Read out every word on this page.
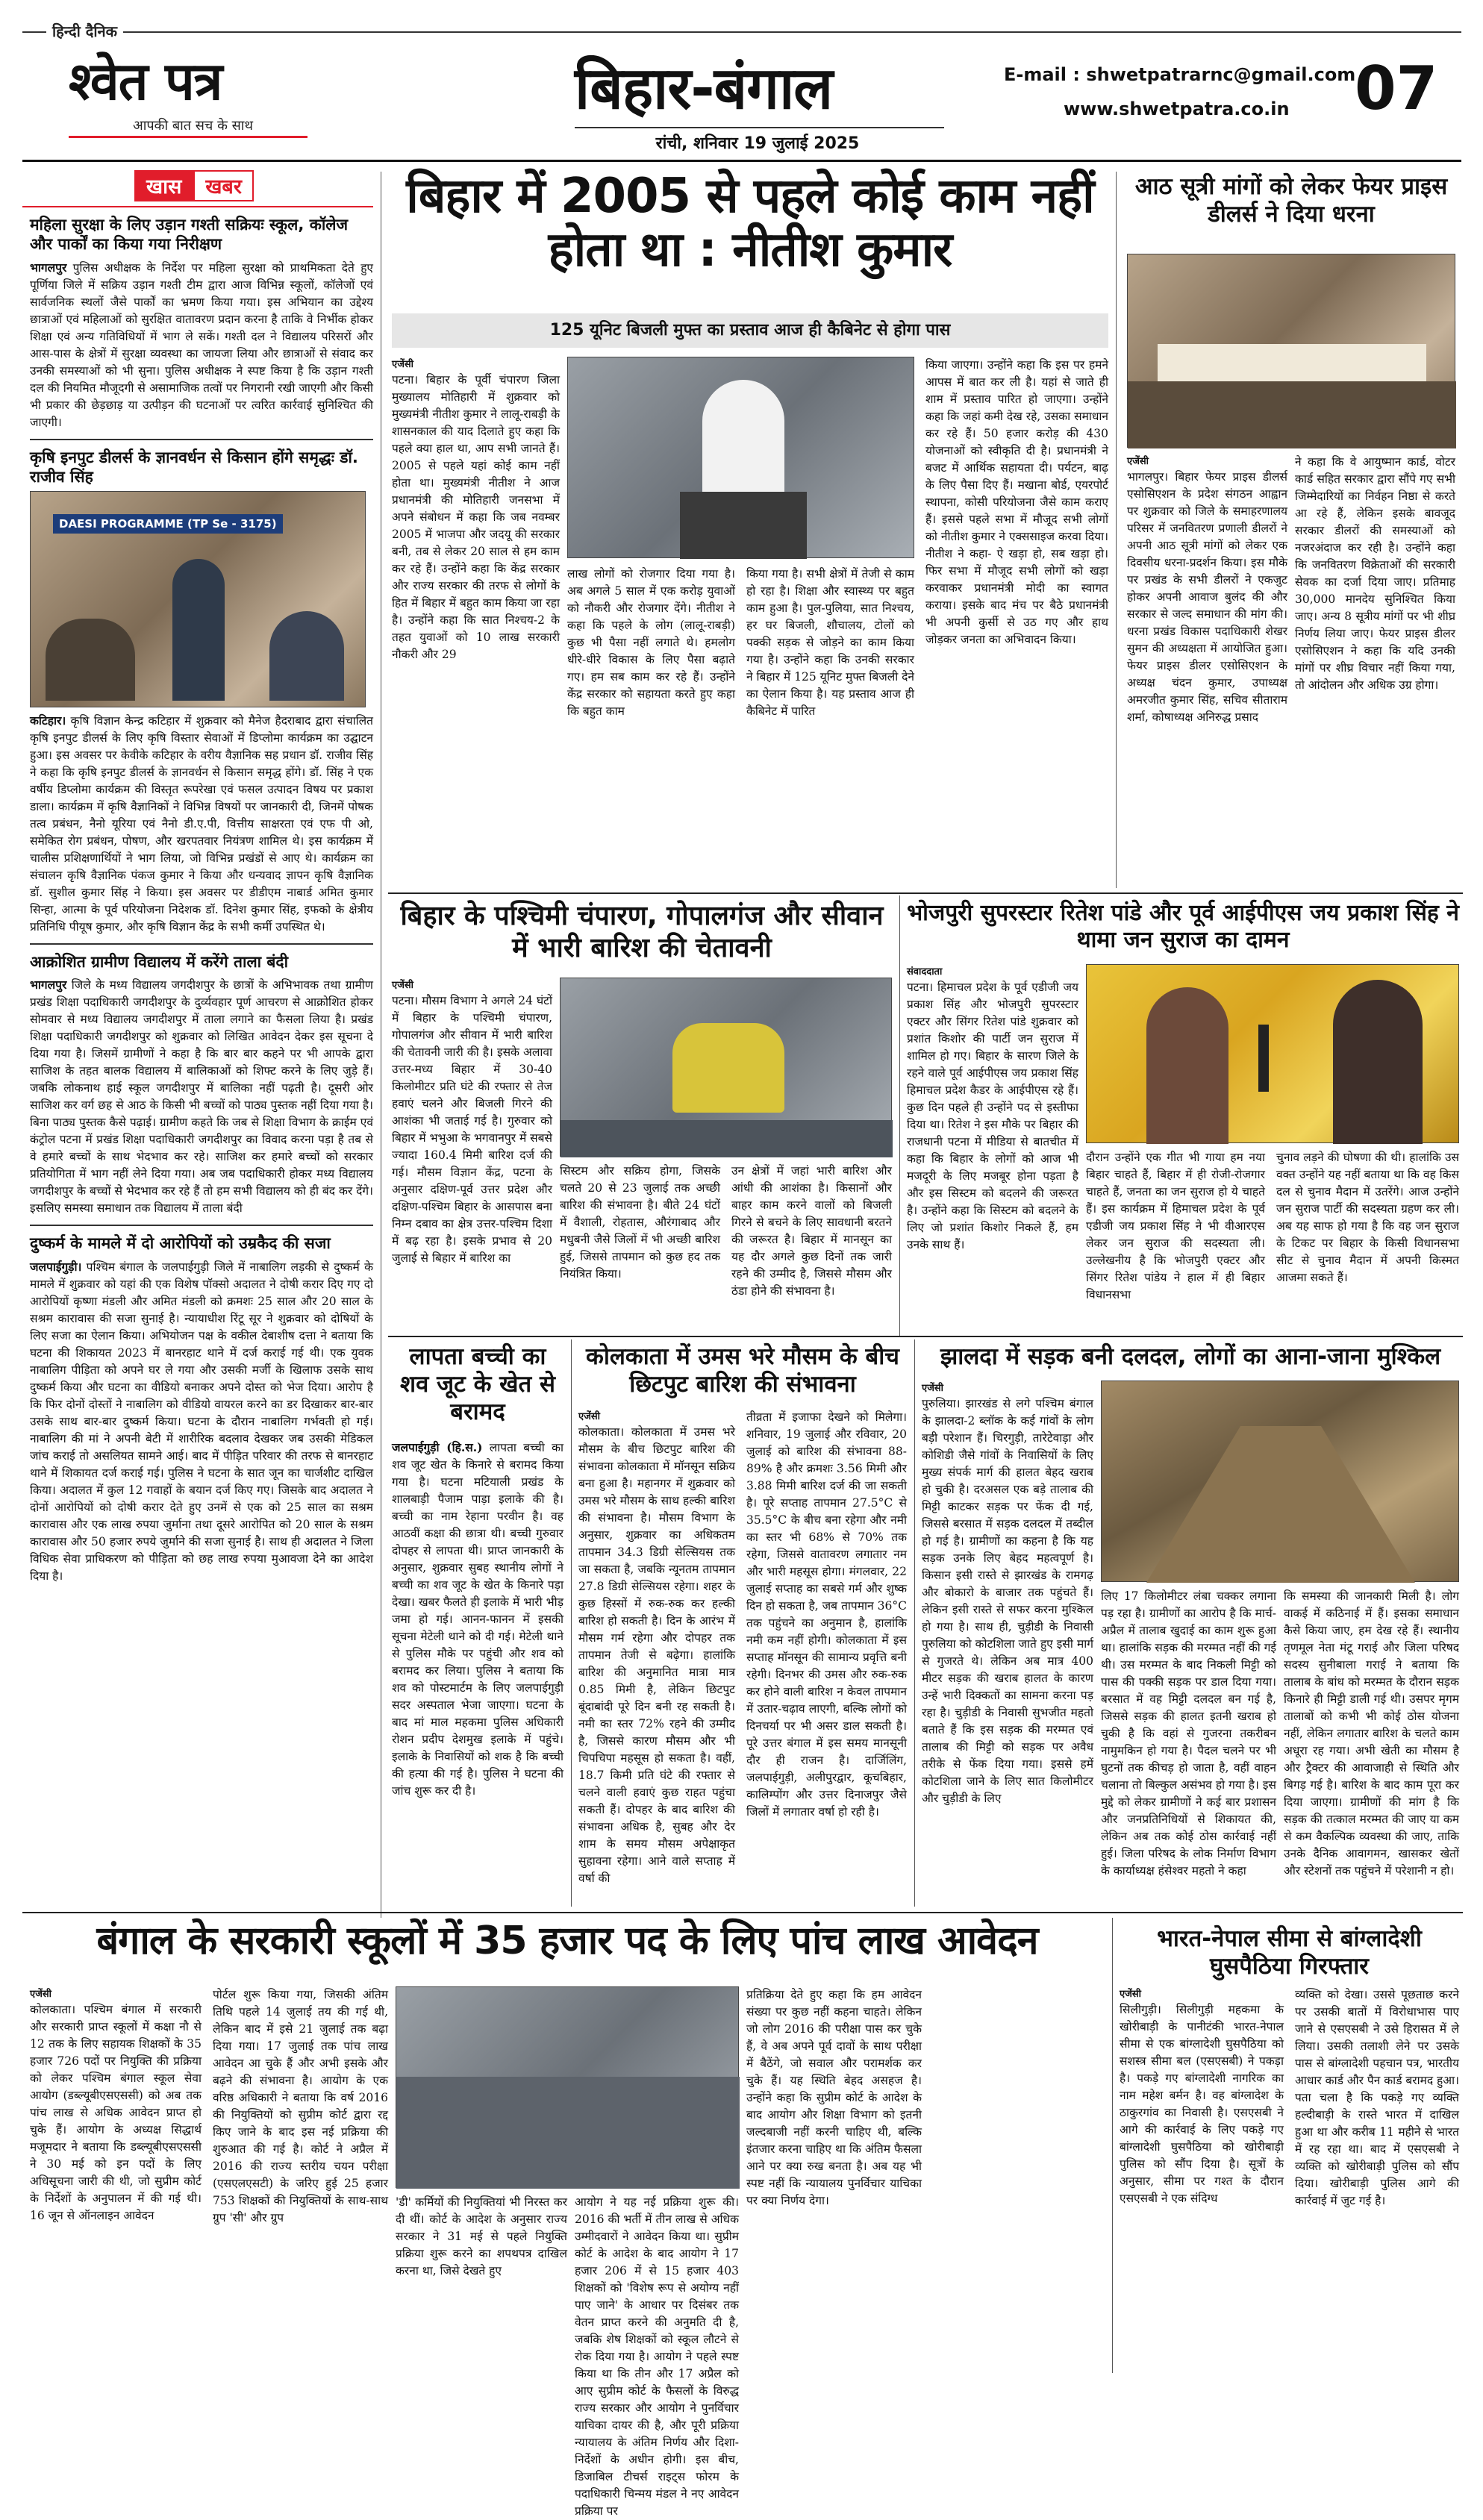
हिन्दी दैनिक
श्वेत पत्र
आपकी बात सच के साथ
बिहार-बंगाल
रांची, शनिवार 19 जुलाई 2025
E-mail : shwetpatrarnc@gmail.com
www.shwetpatra.co.in 07
खास	खबर
महिला सुरक्षा के लिए उड़ान गश्ती सक्रियः स्कूल, कॉलेज और पार्कों का किया गया निरीक्षण
भागलपुर पुलिस अधीक्षक के निर्देश पर महिला सुरक्षा को प्राथमिकता देते हुए पूर्णिया जिले में सक्रिय उड़ान गश्ती टीम द्वारा आज विभिन्न स्कूलों, कॉलेजों एवं सार्वजनिक स्थलों जैसे पार्कों का भ्रमण किया गया। इस अभियान का उद्देश्य छात्राओं एवं महिलाओं को सुरक्षित वातावरण प्रदान करना है ताकि वे निर्भीक होकर शिक्षा एवं अन्य गतिविधियों में भाग ले सकें। गश्ती दल ने विद्यालय परिसरों और आस-पास के क्षेत्रों में सुरक्षा व्यवस्था का जायजा लिया और छात्राओं से संवाद कर उनकी समस्याओं को भी सुना। पुलिस अधीक्षक ने स्पष्ट किया है कि उड़ान गश्ती दल की नियमित मौजूदगी से असामाजिक तत्वों पर निगरानी रखी जाएगी और किसी भी प्रकार की छेड़छाड़ या उत्पीड़न की घटनाओं पर त्वरित कार्रवाई सुनिश्चित की जाएगी।
कृषि इनपुट डीलर्स के ज्ञानवर्धन से किसान होंगे समृद्धः डॉ. राजीव सिंह
DAESI PROGRAMME (TP Se - 3175)
कटिहार। कृषि विज्ञान केन्द्र कटिहार में शुक्रवार को मैनेज हैदराबाद द्वारा संचालित कृषि इनपुट डीलर्स के लिए कृषि विस्तार सेवाओं में डिप्लोमा कार्यक्रम का उद्घाटन हुआ। इस अवसर पर केवीके कटिहार के वरीय वैज्ञानिक सह प्रधान डॉ. राजीव सिंह ने कहा कि कृषि इनपुट डीलर्स के ज्ञानवर्धन से किसान समृद्ध होंगे। डॉ. सिंह ने एक वर्षीय डिप्लोमा कार्यक्रम की विस्तृत रूपरेखा एवं फसल उत्पादन विषय पर प्रकाश डाला। कार्यक्रम में कृषि वैज्ञानिकों ने विभिन्न विषयों पर जानकारी दी, जिनमें पोषक तत्व प्रबंधन, नैनो यूरिया एवं नैनो डी.ए.पी, वित्तीय साक्षरता एवं एफ पी ओ, समेकित रोग प्रबंधन, पोषण, और खरपतवार नियंत्रण शामिल थे। इस कार्यक्रम में चालीस प्रशिक्षणार्थियों ने भाग लिया, जो विभिन्न प्रखंडों से आए थे। कार्यक्रम का संचालन कृषि वैज्ञानिक पंकज कुमार ने किया और धन्यवाद ज्ञापन कृषि वैज्ञानिक डॉ. सुशील कुमार सिंह ने किया। इस अवसर पर डीडीएम नाबार्ड अमित कुमार सिन्हा, आत्मा के पूर्व परियोजना निदेशक डॉ. दिनेश कुमार सिंह, इफको के क्षेत्रीय प्रतिनिधि पीयूष कुमार, और कृषि विज्ञान केंद्र के सभी कर्मी उपस्थित थे।
आक्रोशित ग्रामीण विद्यालय में करेंगे ताला बंदी
भागलपुर जिले के मध्य विद्यालय जगदीशपुर के छात्रों के अभिभावक तथा ग्रामीण प्रखंड शिक्षा पदाधिकारी जगदीशपुर के दुर्व्यवहार पूर्ण आचरण से आक्रोशित होकर सोमवार से मध्य विद्यालय जगदीशपुर में ताला लगाने का फैसला लिया है। प्रखंड शिक्षा पदाधिकारी जगदीशपुर को शुक्रवार को लिखित आवेदन देकर इस सूचना दे दिया गया है। जिसमें ग्रामीणों ने कहा है कि बार बार कहने पर भी आपके द्वारा साजिश के तहत बालक विद्यालय में बालिकाओं को शिफ्ट करने के लिए जुड़े हैं। जबकि लोकनाथ हाई स्कूल जगदीशपुर में बालिका नहीं पढ़ती है। दूसरी ओर साजिश कर वर्ग छह से आठ के किसी भी बच्चों को पाठ्य पुस्तक नहीं दिया गया है। बिना पाठ्य पुस्तक कैसे पढ़ाई। ग्रामीण कहते कि जब से शिक्षा विभाग के क्राईम एवं कंट्रोल पटना में प्रखंड शिक्षा पदाधिकारी जगदीशपुर का विवाद करना पड़ा है तब से वे हमारे बच्चों के साथ भेदभाव कर रहे। साजिश कर हमारे बच्चों को सरकार प्रतियोगिता में भाग नहीं लेने दिया गया। अब जब पदाधिकारी होकर मध्य विद्यालय जगदीशपुर के बच्चों से भेदभाव कर रहे हैं तो हम सभी विद्यालय को ही बंद कर देंगे। इसलिए समस्या समाधान तक विद्यालय में ताला बंदी
दुष्कर्म के मामले में दो आरोपियों को उम्रकैद की सजा
जलपाईगुड़ी। पश्चिम बंगाल के जलपाईगुड़ी जिले में नाबालिग लड़की से दुष्कर्म के मामले में शुक्रवार को यहां की एक विशेष पॉक्सो अदालत ने दोषी करार दिए गए दो आरोपियों कृष्णा मंडली और अमित मंडली को क्रमशः 25 साल और 20 साल के सश्रम कारावास की सजा सुनाई है। न्यायाधीश रिंटू सूर ने शुक्रवार को दोषियों के लिए सजा का ऐलान किया। अभियोजन पक्ष के वकील देबाशीष दत्ता ने बताया कि घटना की शिकायत 2023 में बानरहाट थाने में दर्ज कराई गई थी। एक युवक नाबालिग पीड़िता को अपने घर ले गया और उसकी मर्जी के खिलाफ उसके साथ दुष्कर्म किया और घटना का वीडियो बनाकर अपने दोस्त को भेज दिया। आरोप है कि फिर दोनों दोस्तों ने नाबालिग को वीडियो वायरल करने का डर दिखाकर बार-बार उसके साथ बार-बार दुष्कर्म किया। घटना के दौरान नाबालिग गर्भवती हो गई। नाबालिग की मां ने अपनी बेटी में शारीरिक बदलाव देखकर जब उसकी मेडिकल जांच कराई तो असलियत सामने आई। बाद में पीड़ित परिवार की तरफ से बानरहाट थाने में शिकायत दर्ज कराई गई। पुलिस ने घटना के सात जून का चार्जशीट दाखिल किया। अदालत में कुल 12 गवाहों के बयान दर्ज किए गए। जिसके बाद अदालत ने दोनों आरोपियों को दोषी करार देते हुए उनमें से एक को 25 साल का सश्रम कारावास और एक लाख रुपया जुर्माना तथा दूसरे आरोपित को 20 साल के सश्रम कारावास और 50 हजार रुपये जुर्माने की सजा सुनाई है। साथ ही अदालत ने जिला विधिक सेवा प्राधिकरण को पीड़िता को छह लाख रुपया मुआवजा देने का आदेश दिया है।
बिहार में 2005 से पहले कोई काम नहीं होता था : नीतीश कुमार
125 यूनिट बिजली मुफ्त का प्रस्ताव आज ही कैबिनेट से होगा पास
एजेंसी
पटना। बिहार के पूर्वी चंपारण जिला मुख्यालय मोतिहारी में शुक्रवार को मुख्यमंत्री नीतीश कुमार ने लालू-राबड़ी के शासनकाल की याद दिलाते हुए कहा कि पहले क्या हाल था, आप सभी जानते हैं। 2005 से पहले यहां कोई काम नहीं होता था। मुख्यमंत्री नीतीश ने आज प्रधानमंत्री की मोतिहारी जनसभा में अपने संबोधन में कहा कि जब नवम्बर 2005 में भाजपा और जदयू की सरकार बनी, तब से लेकर 20 साल से हम काम कर रहे हैं। उन्होंने कहा कि केंद्र सरकार और राज्य सरकार की तरफ से लोगों के हित में बिहार में बहुत काम किया जा रहा है। उन्होंने कहा कि सात निश्चय-2 के तहत युवाओं को 10 लाख सरकारी नौकरी और 29
लाख लोगों को रोजगार दिया गया है। अब अगले 5 साल में एक करोड़ युवाओं को नौकरी और रोजगार देंगे। नीतीश ने कहा कि पहले के लोग (लालू-राबड़ी) कुछ भी पैसा नहीं लगाते थे। हमलोग धीरे-धीरे विकास के लिए पैसा बढ़ाते गए। हम सब काम कर रहे हैं। उन्होंने केंद्र सरकार को सहायता करते हुए कहा कि बहुत काम
किया गया है। सभी क्षेत्रों में तेजी से काम हो रहा है। शिक्षा और स्वास्थ्य पर बहुत काम हुआ है। पुल-पुलिया, सात निश्चय, हर घर बिजली, शौचालय, टोलों को पक्की सड़क से जोड़ने का काम किया गया है। उन्होंने कहा कि उनकी सरकार ने बिहार में 125 यूनिट मुफ्त बिजली देने का ऐलान किया है। यह प्रस्ताव आज ही कैबिनेट में पारित
किया जाएगा। उन्होंने कहा कि इस पर हमने आपस में बात कर ली है। यहां से जाते ही शाम में प्रस्ताव पारित हो जाएगा। उन्होंने कहा कि जहां कमी देख रहे, उसका समाधान कर रहे हैं। 50 हजार करोड़ की 430 योजनाओं को स्वीकृति दी है। प्रधानमंत्री ने बजट में आर्थिक सहायता दी। पर्यटन, बाढ़ के लिए पैसा दिए हैं। मखाना बोर्ड, एयरपोर्ट स्थापना, कोसी परियोजना जैसे काम कराए हैं। इससे पहले सभा में मौजूद सभी लोगों को नीतीश कुमार ने एक्ससाइज करवा दिया। नीतीश ने कहा- ऐ खड़ा हो, सब खड़ा हो। फिर सभा में मौजूद सभी लोगों को खड़ा करवाकर प्रधानमंत्री मोदी का स्वागत कराया। इसके बाद मंच पर बैठे प्रधानमंत्री भी अपनी कुर्सी से उठ गए और हाथ जोड़कर जनता का अभिवादन किया।
आठ सूत्री मांगों को लेकर फेयर प्राइस डीलर्स ने दिया धरना
एजेंसी
भागलपुर। बिहार फेयर प्राइस डीलर्स एसोसिएशन के प्रदेश संगठन आह्वान पर शुक्रवार को जिले के समाहरणालय परिसर में जनवितरण प्रणाली डीलरों ने अपनी आठ सूत्री मांगों को लेकर एक दिवसीय धरना-प्रदर्शन किया। इस मौके पर प्रखंड के सभी डीलरों ने एकजुट होकर अपनी आवाज बुलंद की और सरकार से जल्द समाधान की मांग की। धरना प्रखंड विकास पदाधिकारी शेखर सुमन की अध्यक्षता में आयोजित हुआ। फेयर प्राइस डीलर एसोसिएशन के अध्यक्ष चंदन कुमार, उपाध्यक्ष अमरजीत कुमार सिंह, सचिव सीताराम शर्मा, कोषाध्यक्ष अनिरुद्ध प्रसाद
ने कहा कि वे आयुष्मान कार्ड, वोटर कार्ड सहित सरकार द्वारा सौंपे गए सभी जिम्मेदारियों का निर्वहन निष्ठा से करते आ रहे हैं, लेकिन इसके बावजूद सरकार डीलरों की समस्याओं को नजरअंदाज कर रही है। उन्होंने कहा कि जनवितरण विक्रेताओं की सरकारी सेवक का दर्जा दिया जाए। प्रतिमाह 30,000 मानदेय सुनिश्चित किया जाए। अन्य 8 सूत्रीय मांगों पर भी शीघ्र निर्णय लिया जाए। फेयर प्राइस डीलर एसोसिएशन ने कहा कि यदि उनकी मांगों पर शीघ्र विचार नहीं किया गया, तो आंदोलन और अधिक उग्र होगा।
बिहार के पश्चिमी चंपारण, गोपालगंज और सीवान में भारी बारिश की चेतावनी
एजेंसी
पटना। मौसम विभाग ने अगले 24 घंटों में बिहार के पश्चिमी चंपारण, गोपालगंज और सीवान में भारी बारिश की चेतावनी जारी की है। इसके अलावा उत्तर-मध्य बिहार में 30-40 किलोमीटर प्रति घंटे की रफ्तार से तेज हवाएं चलने और बिजली गिरने की आशंका भी जताई गई है। गुरुवार को बिहार में भभुआ के भगवानपुर में सबसे ज्यादा 160.4 मिमी बारिश दर्ज की गई। मौसम विज्ञान केंद्र, पटना के अनुसार दक्षिण-पूर्व उत्तर प्रदेश और दक्षिण-पश्चिम बिहार के आसपास बना निम्न दबाव का क्षेत्र उत्तर-पश्चिम दिशा में बढ़ रहा है। इसके प्रभाव से 20 जुलाई से बिहार में बारिश का
सिस्टम और सक्रिय होगा, जिसके चलते 20 से 23 जुलाई तक अच्छी बारिश की संभावना है। बीते 24 घंटों में वैशाली, रोहतास, औरंगाबाद और मधुबनी जैसे जिलों में भी अच्छी बारिश हुई, जिससे तापमान को कुछ हद तक नियंत्रित किया।
उन क्षेत्रों में जहां भारी बारिश और आंधी की आशंका है। किसानों और बाहर काम करने वालों को बिजली गिरने से बचने के लिए सावधानी बरतने की जरूरत है। बिहार में मानसून का यह दौर अगले कुछ दिनों तक जारी रहने की उम्मीद है, जिससे मौसम और ठंडा होने की संभावना है।
भोजपुरी सुपरस्टार रितेश पांडे और पूर्व आईपीएस जय प्रकाश सिंह ने थामा जन सुराज का दामन
संवाददाता
पटना। हिमाचल प्रदेश के पूर्व एडीजी जय प्रकाश सिंह और भोजपुरी सुपरस्टार एक्टर और सिंगर रितेश पांडे शुक्रवार को प्रशांत किशोर की पार्टी जन सुराज में शामिल हो गए। बिहार के सारण जिले के रहने वाले पूर्व आईपीएस जय प्रकाश सिंह हिमाचल प्रदेश कैडर के आईपीएस रहे हैं। कुछ दिन पहले ही उन्होंने पद से इस्तीफा दिया था। रितेश ने इस मौके पर बिहार की राजधानी पटना में मीडिया से बातचीत में कहा कि बिहार के लोगों को आज भी मजदूरी के लिए मजबूर होना पड़ता है और इस सिस्टम को बदलने की जरूरत है। उन्होंने कहा कि सिस्टम को बदलने के लिए जो प्रशांत किशोर निकले हैं, हम उनके साथ हैं।
दौरान उन्होंने एक गीत भी गाया हम नया बिहार चाहते हैं, बिहार में ही रोजी-रोजगार चाहते हैं, जनता का जन सुराज हो ये चाहते हैं। इस कार्यक्रम में हिमाचल प्रदेश के पूर्व एडीजी जय प्रकाश सिंह ने भी वीआरएस लेकर जन सुराज की सदस्यता ली। उल्लेखनीय है कि भोजपुरी एक्टर और सिंगर रितेश पांडेय ने हाल में ही बिहार विधानसभा
चुनाव लड़ने की घोषणा की थी। हालांकि उस वक्त उन्होंने यह नहीं बताया था कि वह किस दल से चुनाव मैदान में उतरेंगे। आज उन्होंने जन सुराज पार्टी की सदस्यता ग्रहण कर ली। अब यह साफ हो गया है कि वह जन सुराज के टिकट पर बिहार के किसी विधानसभा सीट से चुनाव मैदान में अपनी किस्मत आजमा सकते हैं।
लापता बच्ची का शव जूट के खेत से बरामद
जलपाईगुड़ी (हि.स.) लापता बच्ची का शव जूट खेत के किनारे से बरामद किया गया है। घटना मटियाली प्रखंड के शालबाड़ी पैजाम पाड़ा इलाके की है। बच्ची का नाम रेहाना परवीन है। वह आठवीं कक्षा की छात्रा थी। बच्ची गुरुवार दोपहर से लापता थी। प्राप्त जानकारी के अनुसार, शुक्रवार सुबह स्थानीय लोगों ने बच्ची का शव जूट के खेत के किनारे पड़ा देखा। खबर फैलते ही इलाके में भारी भीड़ जमा हो गई। आनन-फानन में इसकी सूचना मेटेली थाने को दी गई। मेटेली थाने से पुलिस मौके पर पहुंची और शव को बरामद कर लिया। पुलिस ने बताया कि शव को पोस्टमार्टम के लिए जलपाईगुड़ी सदर अस्पताल भेजा जाएगा। घटना के बाद मां माल महकमा पुलिस अधिकारी रोशन प्रदीप देशमुख इलाके में पहुंचे। इलाके के निवासियों को शक है कि बच्ची की हत्या की गई है। पुलिस ने घटना की जांच शुरू कर दी है।
कोलकाता में उमस भरे मौसम के बीच छिटपुट बारिश की संभावना
एजेंसी
कोलकाता। कोलकाता में उमस भरे मौसम के बीच छिटपुट बारिश की संभावना कोलकाता में मॉनसून सक्रिय बना हुआ है। महानगर में शुक्रवार को उमस भरे मौसम के साथ हल्की बारिश की संभावना है। मौसम विभाग के अनुसार, शुक्रवार का अधिकतम तापमान 34.3 डिग्री सेल्सियस तक जा सकता है, जबकि न्यूनतम तापमान 27.8 डिग्री सेल्सियस रहेगा। शहर के कुछ हिस्सों में रुक-रुक कर हल्की बारिश हो सकती है। दिन के आरंभ में मौसम गर्म रहेगा और दोपहर तक तापमान तेजी से बढ़ेगा। हालांकि बारिश की अनुमानित मात्रा मात्र 0.85 मिमी है, लेकिन छिटपुट बूंदाबांदी पूरे दिन बनी रह सकती है। नमी का स्तर 72% रहने की उम्मीद है, जिससे कारण मौसम और भी चिपचिपा महसूस हो सकता है। वहीं, 18.7 किमी प्रति घंटे की रफ्तार से चलने वाली हवाएं कुछ राहत पहुंचा सकती हैं। दोपहर के बाद बारिश की संभावना अधिक है, सुबह और देर शाम के समय मौसम अपेक्षाकृत सुहावना रहेगा। आने वाले सप्ताह में वर्षा की
तीव्रता में इजाफा देखने को मिलेगा। शनिवार, 19 जुलाई और रविवार, 20 जुलाई को बारिश की संभावना 88-89% है और क्रमशः 3.56 मिमी और 3.88 मिमी बारिश दर्ज की जा सकती है। पूरे सप्ताह तापमान 27.5°C से 35.5°C के बीच बना रहेगा और नमी का स्तर भी 68% से 70% तक रहेगा, जिससे वातावरण लगातार नम और भारी महसूस होगा। मंगलवार, 22 जुलाई सप्ताह का सबसे गर्म और शुष्क दिन हो सकता है, जब तापमान 36°C तक पहुंचने का अनुमान है, हालांकि नमी कम नहीं होगी। कोलकाता में इस सप्ताह मॉनसून की सामान्य प्रवृत्ति बनी रहेगी। दिनभर की उमस और रुक-रुक कर होने वाली बारिश न केवल तापमान में उतार-चढ़ाव लाएगी, बल्कि लोगों को दिनचर्या पर भी असर डाल सकती है। पूरे उत्तर बंगाल में इस समय मानसूनी दौर ही राजन है। दार्जिलिंग, जलपाईगुड़ी, अलीपुरद्वार, कूचबिहार, कालिम्पोंग और उत्तर दिनाजपुर जैसे जिलों में लगातार वर्षा हो रही है।
झालदा में सड़क बनी दलदल, लोगों का आना-जाना मुश्किल
एजेंसी
पुरुलिया। झारखंड से लगे पश्चिम बंगाल के झालदा-2 ब्लॉक के कई गांवों के लोग बड़ी परेशान हैं। चिरगुड़ी, तारेटेवाड़ा और कोशिडी जैसे गांवों के निवासियों के लिए मुख्य संपर्क मार्ग की हालत बेहद खराब हो चुकी है। दरअसल एक बड़े तालाब की मिट्टी काटकर सड़क पर फेंक दी गई, जिससे बरसात में सड़क दलदल में तब्दील हो गई है। ग्रामीणों का कहना है कि यह सड़क उनके लिए बेहद महत्वपूर्ण है। किसान इसी रास्ते से झारखंड के रामगढ़ और बोकारो के बाजार तक पहुंचते हैं। लेकिन इसी रास्ते से सफर करना मुश्किल हो गया है। साथ ही, चुड़ीडी के निवासी पुरुलिया को कोटशिला जाते हुए इसी मार्ग से गुजरते थे। लेकिन अब मात्र 400 मीटर सड़क की खराब हालत के कारण उन्हें भारी दिक्कतों का सामना करना पड़ रहा है। चुड़ीडी के निवासी सुभजीत महतो बताते हैं कि इस सड़क की मरम्मत एवं तालाब की मिट्टी को सड़क पर अवैध तरीके से फेंक दिया गया। इससे हमें कोटशिला जाने के लिए सात किलोमीटर और चुड़ीडी के लिए
लिए 17 किलोमीटर लंबा चक्कर लगाना पड़ रहा है। ग्रामीणों का आरोप है कि मार्च-अप्रैल में तालाब खुदाई का काम शुरू हुआ था। हालांकि सड़क की मरम्मत नहीं की गई थी। उस मरम्मत के बाद निकली मिट्टी को पास की पक्की सड़क पर डाल दिया गया। बरसात में वह मिट्टी दलदल बन गई है, जिससे सड़क की हालत इतनी खराब हो चुकी है कि वहां से गुजरना तकरीबन नामुमकिन हो गया है। पैदल चलने पर भी घुटनों तक कीचड़ हो जाता है, वहीं वाहन चलाना तो बिल्कुल असंभव हो गया है। इस मुद्दे को लेकर ग्रामीणों ने कई बार प्रशासन और जनप्रतिनिधियों से शिकायत की, लेकिन अब तक कोई ठोस कार्रवाई नहीं हुई। जिला परिषद के लोक निर्माण विभाग के कार्याध्यक्ष हंसेश्वर महतो ने कहा
कि समस्या की जानकारी मिली है। लोग वाकई में कठिनाई में हैं। इसका समाधान कैसे किया जाए, हम देख रहे हैं। स्थानीय तृणमूल नेता मंटू गराई और जिला परिषद सदस्य सुनीबाला गराई ने बताया कि तालाब के बांध को मरम्मत के दौरान सड़क किनारे ही मिट्टी डाली गई थी। उसपर मृगम तालाबों को कभी भी कोई ठोस योजना नहीं, लेकिन लगातार बारिश के चलते काम अधूरा रह गया। अभी खेती का मौसम है और ट्रैक्टर की आवाजाही से स्थिति और बिगड़ गई है। बारिश के बाद काम पूरा कर दिया जाएगा। ग्रामीणों की मांग है कि सड़क की तत्काल मरम्मत की जाए या कम से कम वैकल्पिक व्यवस्था की जाए, ताकि उनके दैनिक आवागमन, खासकर खेतों और स्टेशनों तक पहुंचने में परेशानी न हो।
बंगाल के सरकारी स्कूलों में 35 हजार पद के लिए पांच लाख आवेदन
एजेंसी
कोलकाता। पश्चिम बंगाल में सरकारी और सरकारी प्राप्त स्कूलों में कक्षा नौ से 12 तक के लिए सहायक शिक्षकों के 35 हजार 726 पदों पर नियुक्ति की प्रक्रिया को लेकर पश्चिम बंगाल स्कूल सेवा आयोग (डब्ल्यूबीएसएससी) को अब तक पांच लाख से अधिक आवेदन प्राप्त हो चुके हैं। आयोग के अध्यक्ष सिद्धार्थ मजूमदार ने बताया कि डब्ल्यूबीएसएससी ने 30 मई को इन पदों के लिए अधिसूचना जारी की थी, जो सुप्रीम कोर्ट के निर्देशों के अनुपालन में की गई थी। 16 जून से ऑनलाइन आवेदन
पोर्टल शुरू किया गया, जिसकी अंतिम तिथि पहले 14 जुलाई तय की गई थी, लेकिन बाद में इसे 21 जुलाई तक बढ़ा दिया गया। 17 जुलाई तक पांच लाख आवेदन आ चुके हैं और अभी इसके और बढ़ने की संभावना है। आयोग के एक वरिष्ठ अधिकारी ने बताया कि वर्ष 2016 की नियुक्तियों को सुप्रीम कोर्ट द्वारा रद्द किए जाने के बाद इस नई प्रक्रिया की शुरुआत की गई है। कोर्ट ने अप्रैल में 2016 की राज्य स्तरीय चयन परीक्षा (एसएलएसटी) के जरिए हुई 25 हजार 753 शिक्षकों की नियुक्तियों के साथ-साथ ग्रुप 'सी' और ग्रुप
'डी' कर्मियों की नियुक्तियां भी निरस्त कर दी थीं। कोर्ट के आदेश के अनुसार राज्य सरकार ने 31 मई से पहले नियुक्ति प्रक्रिया शुरू करने का शपथपत्र दाखिल करना था, जिसे देखते हुए
आयोग ने यह नई प्रक्रिया शुरू की। 2016 की भर्ती में तीन लाख से अधिक उम्मीदवारों ने आवेदन किया था। सुप्रीम कोर्ट के आदेश के बाद आयोग ने 17 हजार 206 में से 15 हजार 403 शिक्षकों को 'विशेष रूप से अयोग्य नहीं पाए जाने' के आधार पर दिसंबर तक वेतन प्राप्त करने की अनुमति दी है, जबकि शेष शिक्षकों को स्कूल लौटने से रोक दिया गया है। आयोग ने पहले स्पष्ट किया था कि तीन और 17 अप्रैल को आए सुप्रीम कोर्ट के फैसलों के विरुद्ध राज्य सरकार और आयोग ने पुनर्विचार याचिका दायर की है, और पूरी प्रक्रिया न्यायालय के अंतिम निर्णय और दिशा-निर्देशों के अधीन होगी। इस बीच, डिजाबिल टीचर्स राइट्स फोरम के पदाधिकारी चिन्मय मंडल ने नए आवेदन प्रक्रिया पर
प्रतिक्रिया देते हुए कहा कि हम आवेदन संख्या पर कुछ नहीं कहना चाहते। लेकिन जो लोग 2016 की परीक्षा पास कर चुके हैं, वे अब अपने पूर्व दावों के साथ परीक्षा में बैठेंगे, जो सवाल और परामर्शक कर चुके हैं। यह स्थिति बेहद असहज है। उन्होंने कहा कि सुप्रीम कोर्ट के आदेश के बाद आयोग और शिक्षा विभाग को इतनी जल्दबाजी नहीं करनी चाहिए थी, बल्कि इंतजार करना चाहिए था कि अंतिम फैसला आने पर क्या रुख बनता है। अब यह भी स्पष्ट नहीं कि न्यायालय पुनर्विचार याचिका पर क्या निर्णय देगा।
भारत-नेपाल सीमा से बांग्लादेशी घुसपैठिया गिरफ्तार
एजेंसी
सिलीगुड़ी। सिलीगुड़ी महकमा के खोरीबाड़ी के पानीटंकी भारत-नेपाल सीमा से एक बांग्लादेशी घुसपैठिया को सशस्त्र सीमा बल (एसएसबी) ने पकड़ा है। पकड़े गए बांग्लादेशी नागरिक का नाम महेश बर्मन है। वह बांग्लादेश के ठाकुरगांव का निवासी है। एसएसबी ने आगे की कार्रवाई के लिए पकड़े गए बांग्लादेशी घुसपैठिया को खोरीबाड़ी पुलिस को सौंप दिया है। सूत्रों के अनुसार, सीमा पर गश्त के दौरान एसएसबी ने एक संदिग्ध
व्यक्ति को देखा। उससे पूछताछ करने पर उसकी बातों में विरोधाभास पाए जाने से एसएसबी ने उसे हिरासत में ले लिया। उसकी तलाशी लेने पर उसके पास से बांग्लादेशी पहचान पत्र, भारतीय आधार कार्ड और पैन कार्ड बरामद हुआ। पता चला है कि पकड़े गए व्यक्ति हल्दीबाड़ी के रास्ते भारत में दाखिल हुआ था और करीब 11 महीने से भारत में रह रहा था। बाद में एसएसबी ने व्यक्ति को खोरीबाड़ी पुलिस को सौंप दिया। खोरीबाड़ी पुलिस आगे की कार्रवाई में जुट गई है।
